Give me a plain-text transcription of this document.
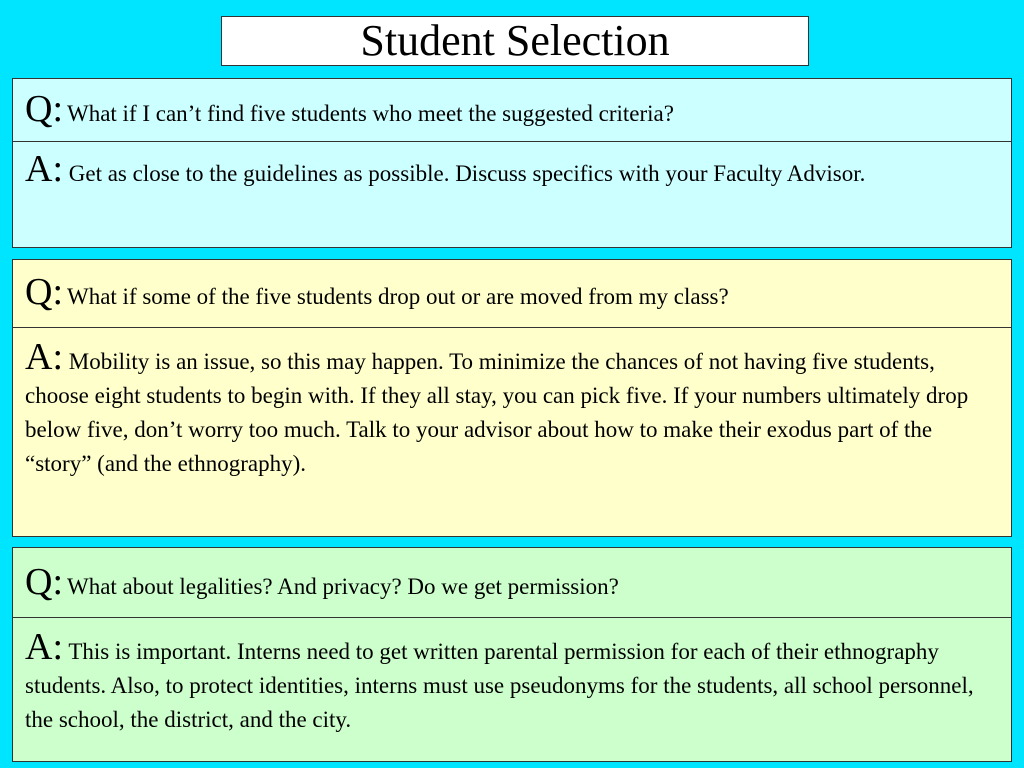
Student Selection
Q: What if I can’t find five students who meet the suggested criteria?
A: Get as close to the guidelines as possible. Discuss specifics with your Faculty Advisor.
Q: What if some of the five students drop out or are moved from my class?
A: Mobility is an issue, so this may happen. To minimize the chances of not having five students, choose eight students to begin with. If they all stay, you can pick five. If your numbers ultimately drop below five, don’t worry too much. Talk to your advisor about how to make their exodus part of the “story” (and the ethnography).
Q: What about legalities? And privacy? Do we get permission?
A: This is important. Interns need to get written parental permission for each of their ethnography students. Also, to protect identities, interns must use pseudonyms for the students, all school personnel, the school, the district, and the city.
